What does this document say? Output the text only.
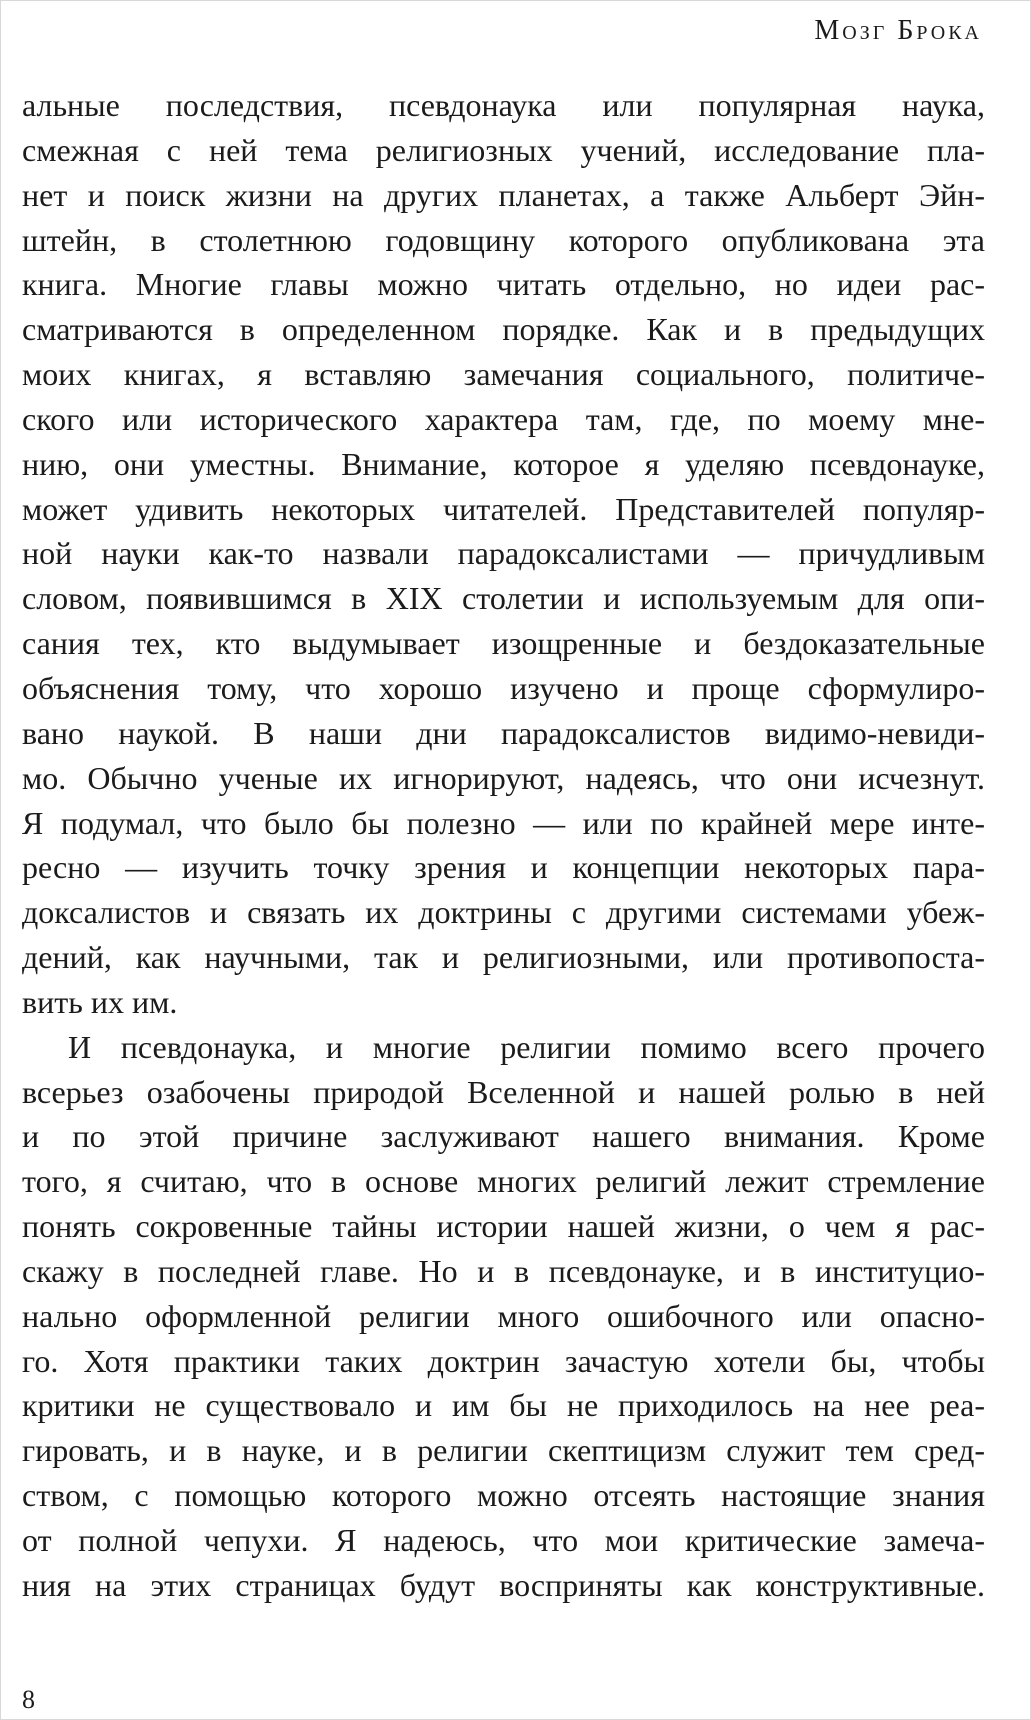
Мозг Брока
альные последствия, псевдонаука или популярная наука,
смежная с ней тема религиозных учений, исследование пла-
нет и поиск жизни на других планетах, а также Альберт Эйн-
штейн, в столетнюю годовщину которого опубликована эта
книга. Многие главы можно читать отдельно, но идеи рас-
сматриваются в определенном порядке. Как и в предыдущих
моих книгах, я вставляю замечания социального, политиче-
ского или исторического характера там, где, по моему мне-
нию, они уместны. Внимание, которое я уделяю псевдонауке,
может удивить некоторых читателей. Представителей популяр-
ной науки как-то назвали парадоксалистами — причудливым
словом, появившимся в XIX столетии и используемым для опи-
сания тех, кто выдумывает изощренные и бездоказательные
объяснения тому, что хорошо изучено и проще сформулиро-
вано наукой. В наши дни парадоксалистов видимо-невиди-
мо. Обычно ученые их игнорируют, надеясь, что они исчезнут.
Я подумал, что было бы полезно — или по крайней мере инте-
ресно — изучить точку зрения и концепции некоторых пара-
доксалистов и связать их доктрины с другими системами убеж-
дений, как научными, так и религиозными, или противопоста-
вить их им.
И псевдонаука, и многие религии помимо всего прочего
всерьез озабочены природой Вселенной и нашей ролью в ней
и по этой причине заслуживают нашего внимания. Кроме
того, я считаю, что в основе многих религий лежит стремление
понять сокровенные тайны истории нашей жизни, о чем я рас-
скажу в последней главе. Но и в псевдонауке, и в институцио-
нально оформленной религии много ошибочного или опасно-
го. Хотя практики таких доктрин зачастую хотели бы, чтобы
критики не существовало и им бы не приходилось на нее реа-
гировать, и в науке, и в религии скептицизм служит тем сред-
ством, с помощью которого можно отсеять настоящие знания
от полной чепухи. Я надеюсь, что мои критические замеча-
ния на этих страницах будут восприняты как конструктивные.
8
